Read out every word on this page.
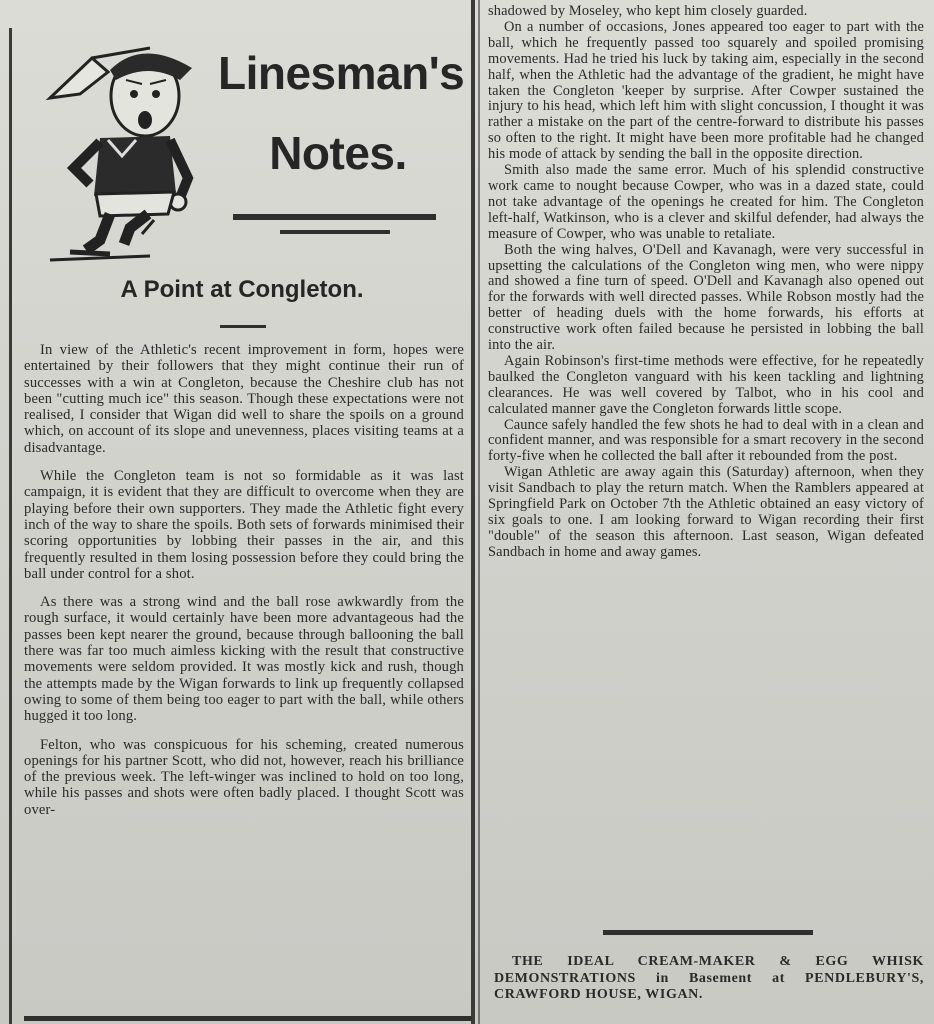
Linesman's
Notes.
A Point at Congleton.

In view of the Athletic's recent improvement in form, hopes were entertained by their followers that they might continue their run of successes with a win at Congleton, because the Cheshire club has not been "cutting much ice" this season. Though these expectations were not realised, I consider that Wigan did well to share the spoils on a ground which, on account of its slope and unevenness, places visiting teams at a disadvantage.

While the Congleton team is not so formidable as it was last campaign, it is evident that they are difficult to overcome when they are playing before their own supporters. They made the Athletic fight every inch of the way to share the spoils. Both sets of forwards minimised their scoring opportunities by lobbing their passes in the air, and this frequently resulted in them losing possession before they could bring the ball under control for a shot.

As there was a strong wind and the ball rose awkwardly from the rough surface, it would certainly have been more advantageous had the passes been kept nearer the ground, because through ballooning the ball there was far too much aimless kicking with the result that constructive movements were seldom provided. It was mostly kick and rush, though the attempts made by the Wigan forwards to link up frequently collapsed owing to some of them being too eager to part with the ball, while others hugged it too long.

Felton, who was conspicuous for his scheming, created numerous openings for his partner Scott, who did not, however, reach his brilliance of the previous week. The left-winger was inclined to hold on too long, while his passes and shots were often badly placed. I thought Scott was over-

shadowed by Moseley, who kept him closely guarded.

On a number of occasions, Jones appeared too eager to part with the ball, which he frequently passed too squarely and spoiled promising movements. Had he tried his luck by taking aim, especially in the second half, when the Athletic had the advantage of the gradient, he might have taken the Congleton 'keeper by surprise. After Cowper sustained the injury to his head, which left him with slight concussion, I thought it was rather a mistake on the part of the centre-forward to distribute his passes so often to the right. It might have been more profitable had he changed his mode of attack by sending the ball in the opposite direction.

Smith also made the same error. Much of his splendid constructive work came to nought because Cowper, who was in a dazed state, could not take advantage of the openings he created for him. The Congleton left-half, Watkinson, who is a clever and skilful defender, had always the measure of Cowper, who was unable to retaliate.

Both the wing halves, O'Dell and Kavanagh, were very successful in upsetting the calculations of the Congleton wing men, who were nippy and showed a fine turn of speed. O'Dell and Kavanagh also opened out for the forwards with well directed passes. While Robson mostly had the better of heading duels with the home forwards, his efforts at constructive work often failed because he persisted in lobbing the ball into the air.

Again Robinson's first-time methods were effective, for he repeatedly baulked the Congleton vanguard with his keen tackling and lightning clearances. He was well covered by Talbot, who in his cool and calculated manner gave the Congleton forwards little scope.

Caunce safely handled the few shots he had to deal with in a clean and confident manner, and was responsible for a smart recovery in the second forty-five when he collected the ball after it rebounded from the post.

Wigan Athletic are away again this (Saturday) afternoon, when they visit Sandbach to play the return match. When the Ramblers appeared at Springfield Park on October 7th the Athletic obtained an easy victory of six goals to one. I am looking forward to Wigan recording their first "double" of the season this afternoon. Last season, Wigan defeated Sandbach in home and away games.

THE IDEAL CREAM-MAKER & EGG WHISK DEMONSTRATIONS in Basement at PENDLEBURY'S, CRAWFORD HOUSE, WIGAN.
